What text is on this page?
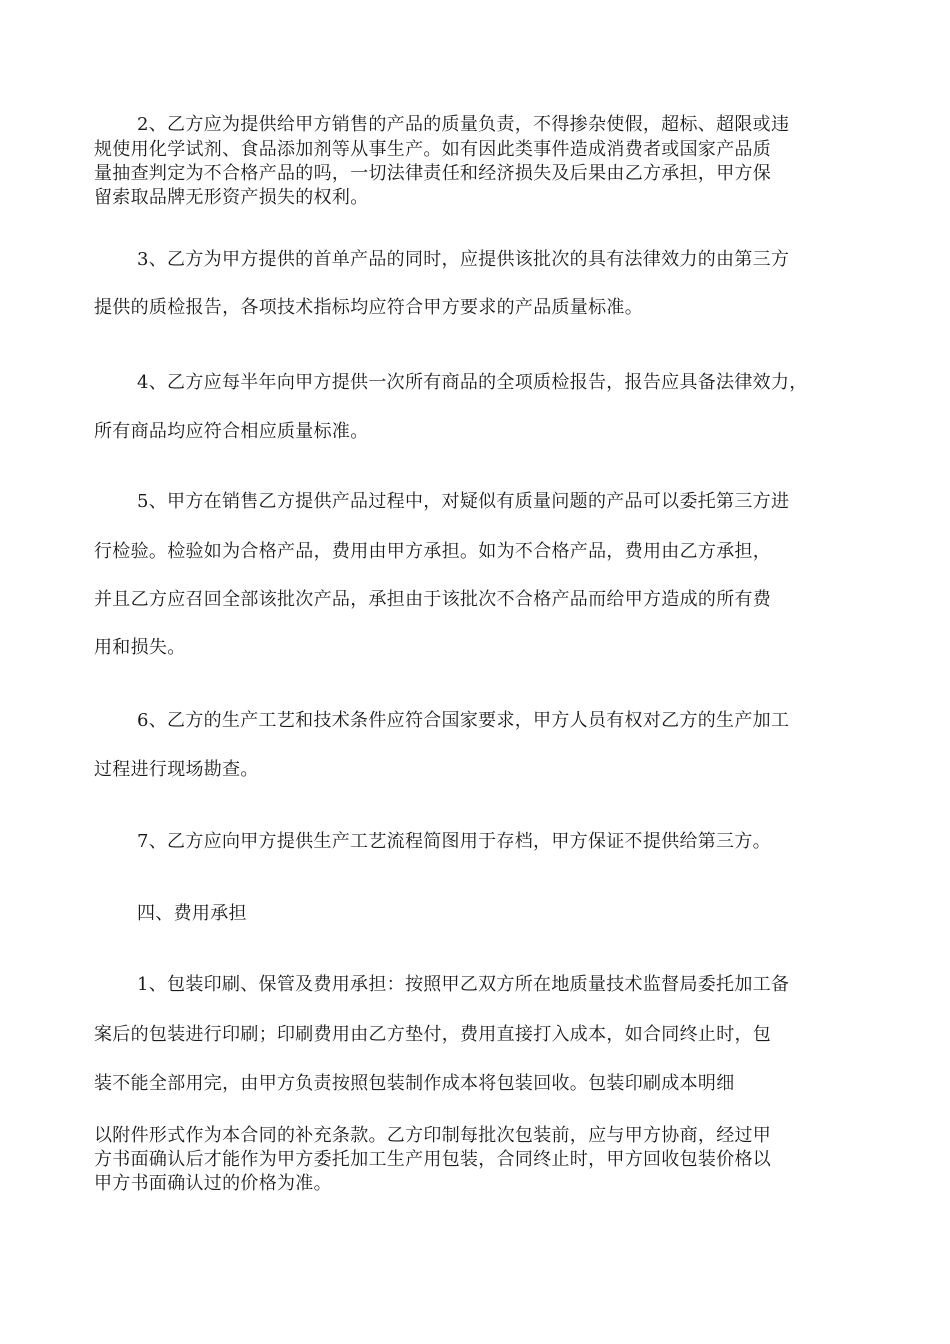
2、乙方应为提供给甲方销售的产品的质量负责，不得掺杂使假，超标、超限或违
规使用化学试剂、食品添加剂等从事生产。如有因此类事件造成消费者或国家产品质
量抽查判定为不合格产品的吗，一切法律责任和经济损失及后果由乙方承担，甲方保
留索取品牌无形资产损失的权利。
3、乙方为甲方提供的首单产品的同时，应提供该批次的具有法律效力的由第三方
提供的质检报告，各项技术指标均应符合甲方要求的产品质量标准。
4、乙方应每半年向甲方提供一次所有商品的全项质检报告，报告应具备法律效力，
所有商品均应符合相应质量标准。
5、甲方在销售乙方提供产品过程中，对疑似有质量问题的产品可以委托第三方进
行检验。检验如为合格产品，费用由甲方承担。如为不合格产品，费用由乙方承担，
并且乙方应召回全部该批次产品，承担由于该批次不合格产品而给甲方造成的所有费
用和损失。
6、乙方的生产工艺和技术条件应符合国家要求，甲方人员有权对乙方的生产加工
过程进行现场勘查。
7、乙方应向甲方提供生产工艺流程简图用于存档，甲方保证不提供给第三方。
四、费用承担
1、包装印刷、保管及费用承担：按照甲乙双方所在地质量技术监督局委托加工备
案后的包装进行印刷；印刷费用由乙方垫付，费用直接打入成本，如合同终止时，包
装不能全部用完，由甲方负责按照包装制作成本将包装回收。包装印刷成本明细
以附件形式作为本合同的补充条款。乙方印制每批次包装前，应与甲方协商，经过甲
方书面确认后才能作为甲方委托加工生产用包装，合同终止时，甲方回收包装价格以
甲方书面确认过的价格为准。
